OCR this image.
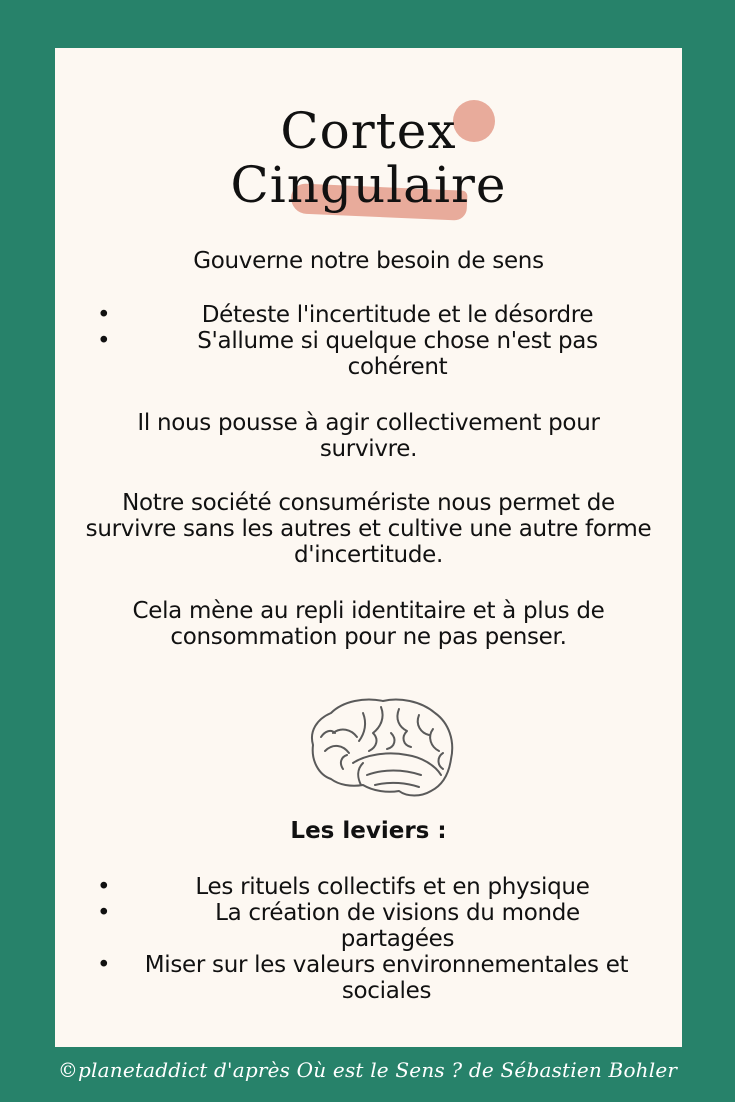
Cortex
Cingulaire
Gouverne notre besoin de sens
• Déteste l'incertitude et le désordre
• S'allume si quelque chose n'est pas cohérent
Il nous pousse à agir collectivement pour survivre.
Notre société consumériste nous permet de survivre sans les autres et cultive une autre forme d'incertitude.
Cela mène au repli identitaire et à plus de consommation pour ne pas penser.
Les leviers :
• Les rituels collectifs et en physique
• La création de visions du monde partagées
• Miser sur les valeurs environnementales et sociales
©planetaddict d'après Où est le Sens ? de Sébastien Bohler
